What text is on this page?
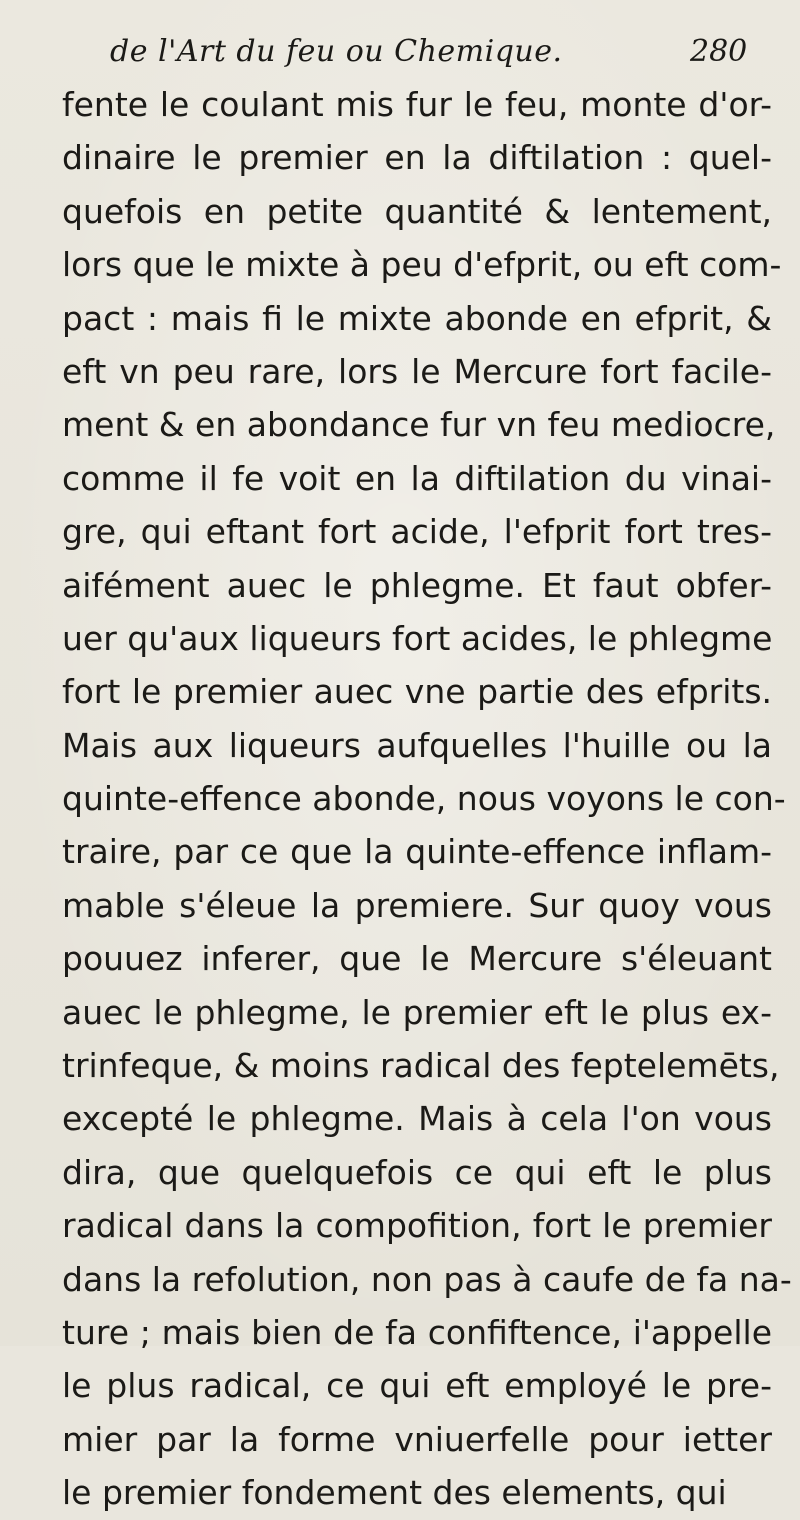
de l'Art du feu ou Chemique.	280
fente le coulant mis fur le feu, monte d'or-
dinaire le premier en la diftilation : quel-
quefois en petite quantité & lentement,
lors que le mixte à peu d'efprit, ou eft com-
pact : mais fi le mixte abonde en efprit, &
eft vn peu rare, lors le Mercure fort facile-
ment & en abondance fur vn feu mediocre,
comme il fe voit en la diftilation du vinai-
gre, qui eftant fort acide, l'efprit fort tres-
aifément auec le phlegme. Et faut obfer-
uer qu'aux liqueurs fort acides, le phlegme
fort le premier auec vne partie des efprits.
Mais aux liqueurs aufquelles l'huille ou la
quinte-effence abonde, nous voyons le con-
traire, par ce que la quinte-effence inflam-
mable s'éleue la premiere. Sur quoy vous
pouuez inferer, que le Mercure s'éleuant
auec le phlegme, le premier eft le plus ex-
trinfeque, & moins radical des feptelemēts,
excepté le phlegme. Mais à cela l'on vous
dira, que quelquefois ce qui eft le plus
radical dans la compofition, fort le premier
dans la refolution, non pas à caufe de fa na-
ture ; mais bien de fa confiftence, i'appelle
le plus radical, ce qui eft employé le pre-
mier par la forme vniuerfelle pour ietter
le premier fondement des elements, qui
